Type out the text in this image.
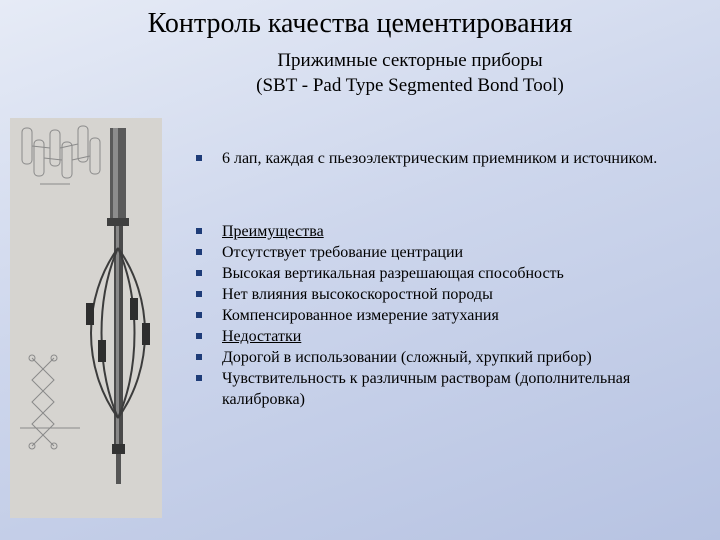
Контроль качества цементирования
Прижимные секторные приборы
(SBT - Pad Type Segmented Bond Tool)
6 лап, каждая с пьезоэлектрическим приемником и источником.
Преимущества
Отсутствует требование центрации
Высокая вертикальная разрешающая способность
Нет влияния высокоскоростной породы
Компенсированное измерение затухания
Недостатки
Дорогой в использовании (сложный, хрупкий прибор)
Чувствительность к различным растворам (дополнительная калибровка)
